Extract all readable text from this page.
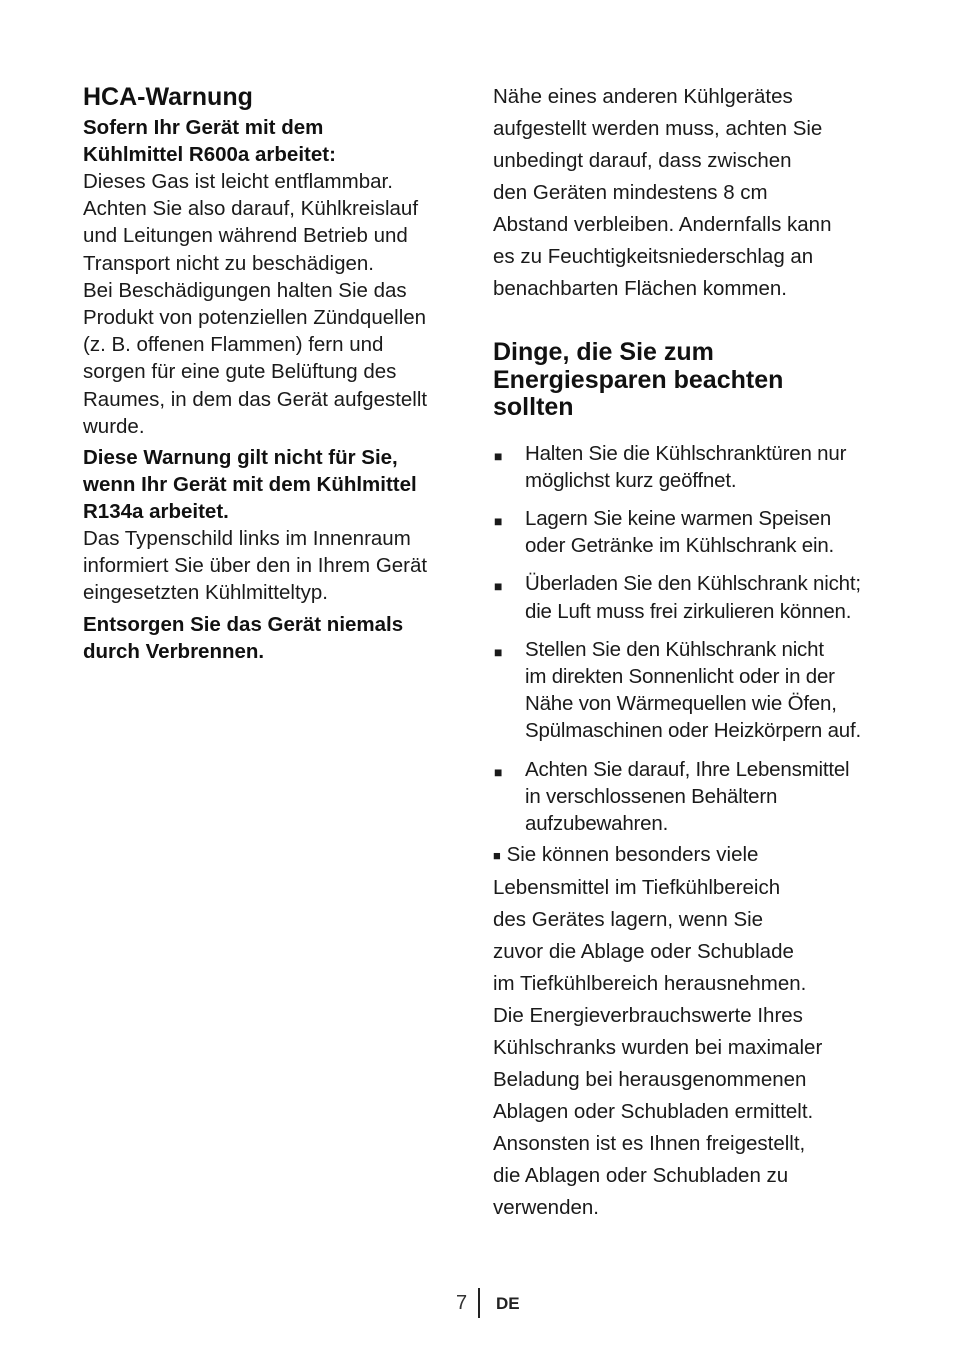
HCA-Warnung
Sofern Ihr Gerät mit dem
Kühlmittel R600a arbeitet:
Dieses Gas ist leicht entflammbar.
Achten Sie also darauf, Kühlkreislauf
und Leitungen während Betrieb und
Transport nicht zu beschädigen.
Bei Beschädigungen halten Sie das
Produkt von potenziellen Zündquellen
(z. B. offenen Flammen) fern und
sorgen für eine gute Belüftung des
Raumes, in dem das Gerät aufgestellt
wurde.
Diese Warnung gilt nicht für Sie,
wenn Ihr Gerät mit dem Kühlmittel
R134a arbeitet.
Das Typenschild links im Innenraum
informiert Sie über den in Ihrem Gerät
eingesetzten Kühlmitteltyp.
Entsorgen Sie das Gerät niemals
durch Verbrennen.
Nähe eines anderen Kühlgerätes
aufgestellt werden muss, achten Sie
unbedingt darauf, dass zwischen
den Geräten mindestens 8 cm
Abstand verbleiben. Andernfalls kann
es zu Feuchtigkeitsniederschlag an
benachbarten Flächen kommen.
Dinge, die Sie zum
Energiesparen beachten
sollten
■ Halten Sie die Kühlschranktüren nur
möglichst kurz geöffnet.
■ Lagern Sie keine warmen Speisen
oder Getränke im Kühlschrank ein.
■ Überladen Sie den Kühlschrank nicht;
die Luft muss frei zirkulieren können.
■ Stellen Sie den Kühlschrank nicht
im direkten Sonnenlicht oder in der
Nähe von Wärmequellen wie Öfen,
Spülmaschinen oder Heizkörpern auf.
■ Achten Sie darauf, Ihre Lebensmittel
in verschlossenen Behältern
aufzubewahren.
■ Sie können besonders viele
Lebensmittel im Tiefkühlbereich
des Gerätes lagern, wenn Sie
zuvor die Ablage oder Schublade
im Tiefkühlbereich herausnehmen.
Die Energieverbrauchswerte Ihres
Kühlschranks wurden bei maximaler
Beladung bei herausgenommenen
Ablagen oder Schubladen ermittelt.
Ansonsten ist es Ihnen freigestellt,
die Ablagen oder Schubladen zu
verwenden.
7 DE
